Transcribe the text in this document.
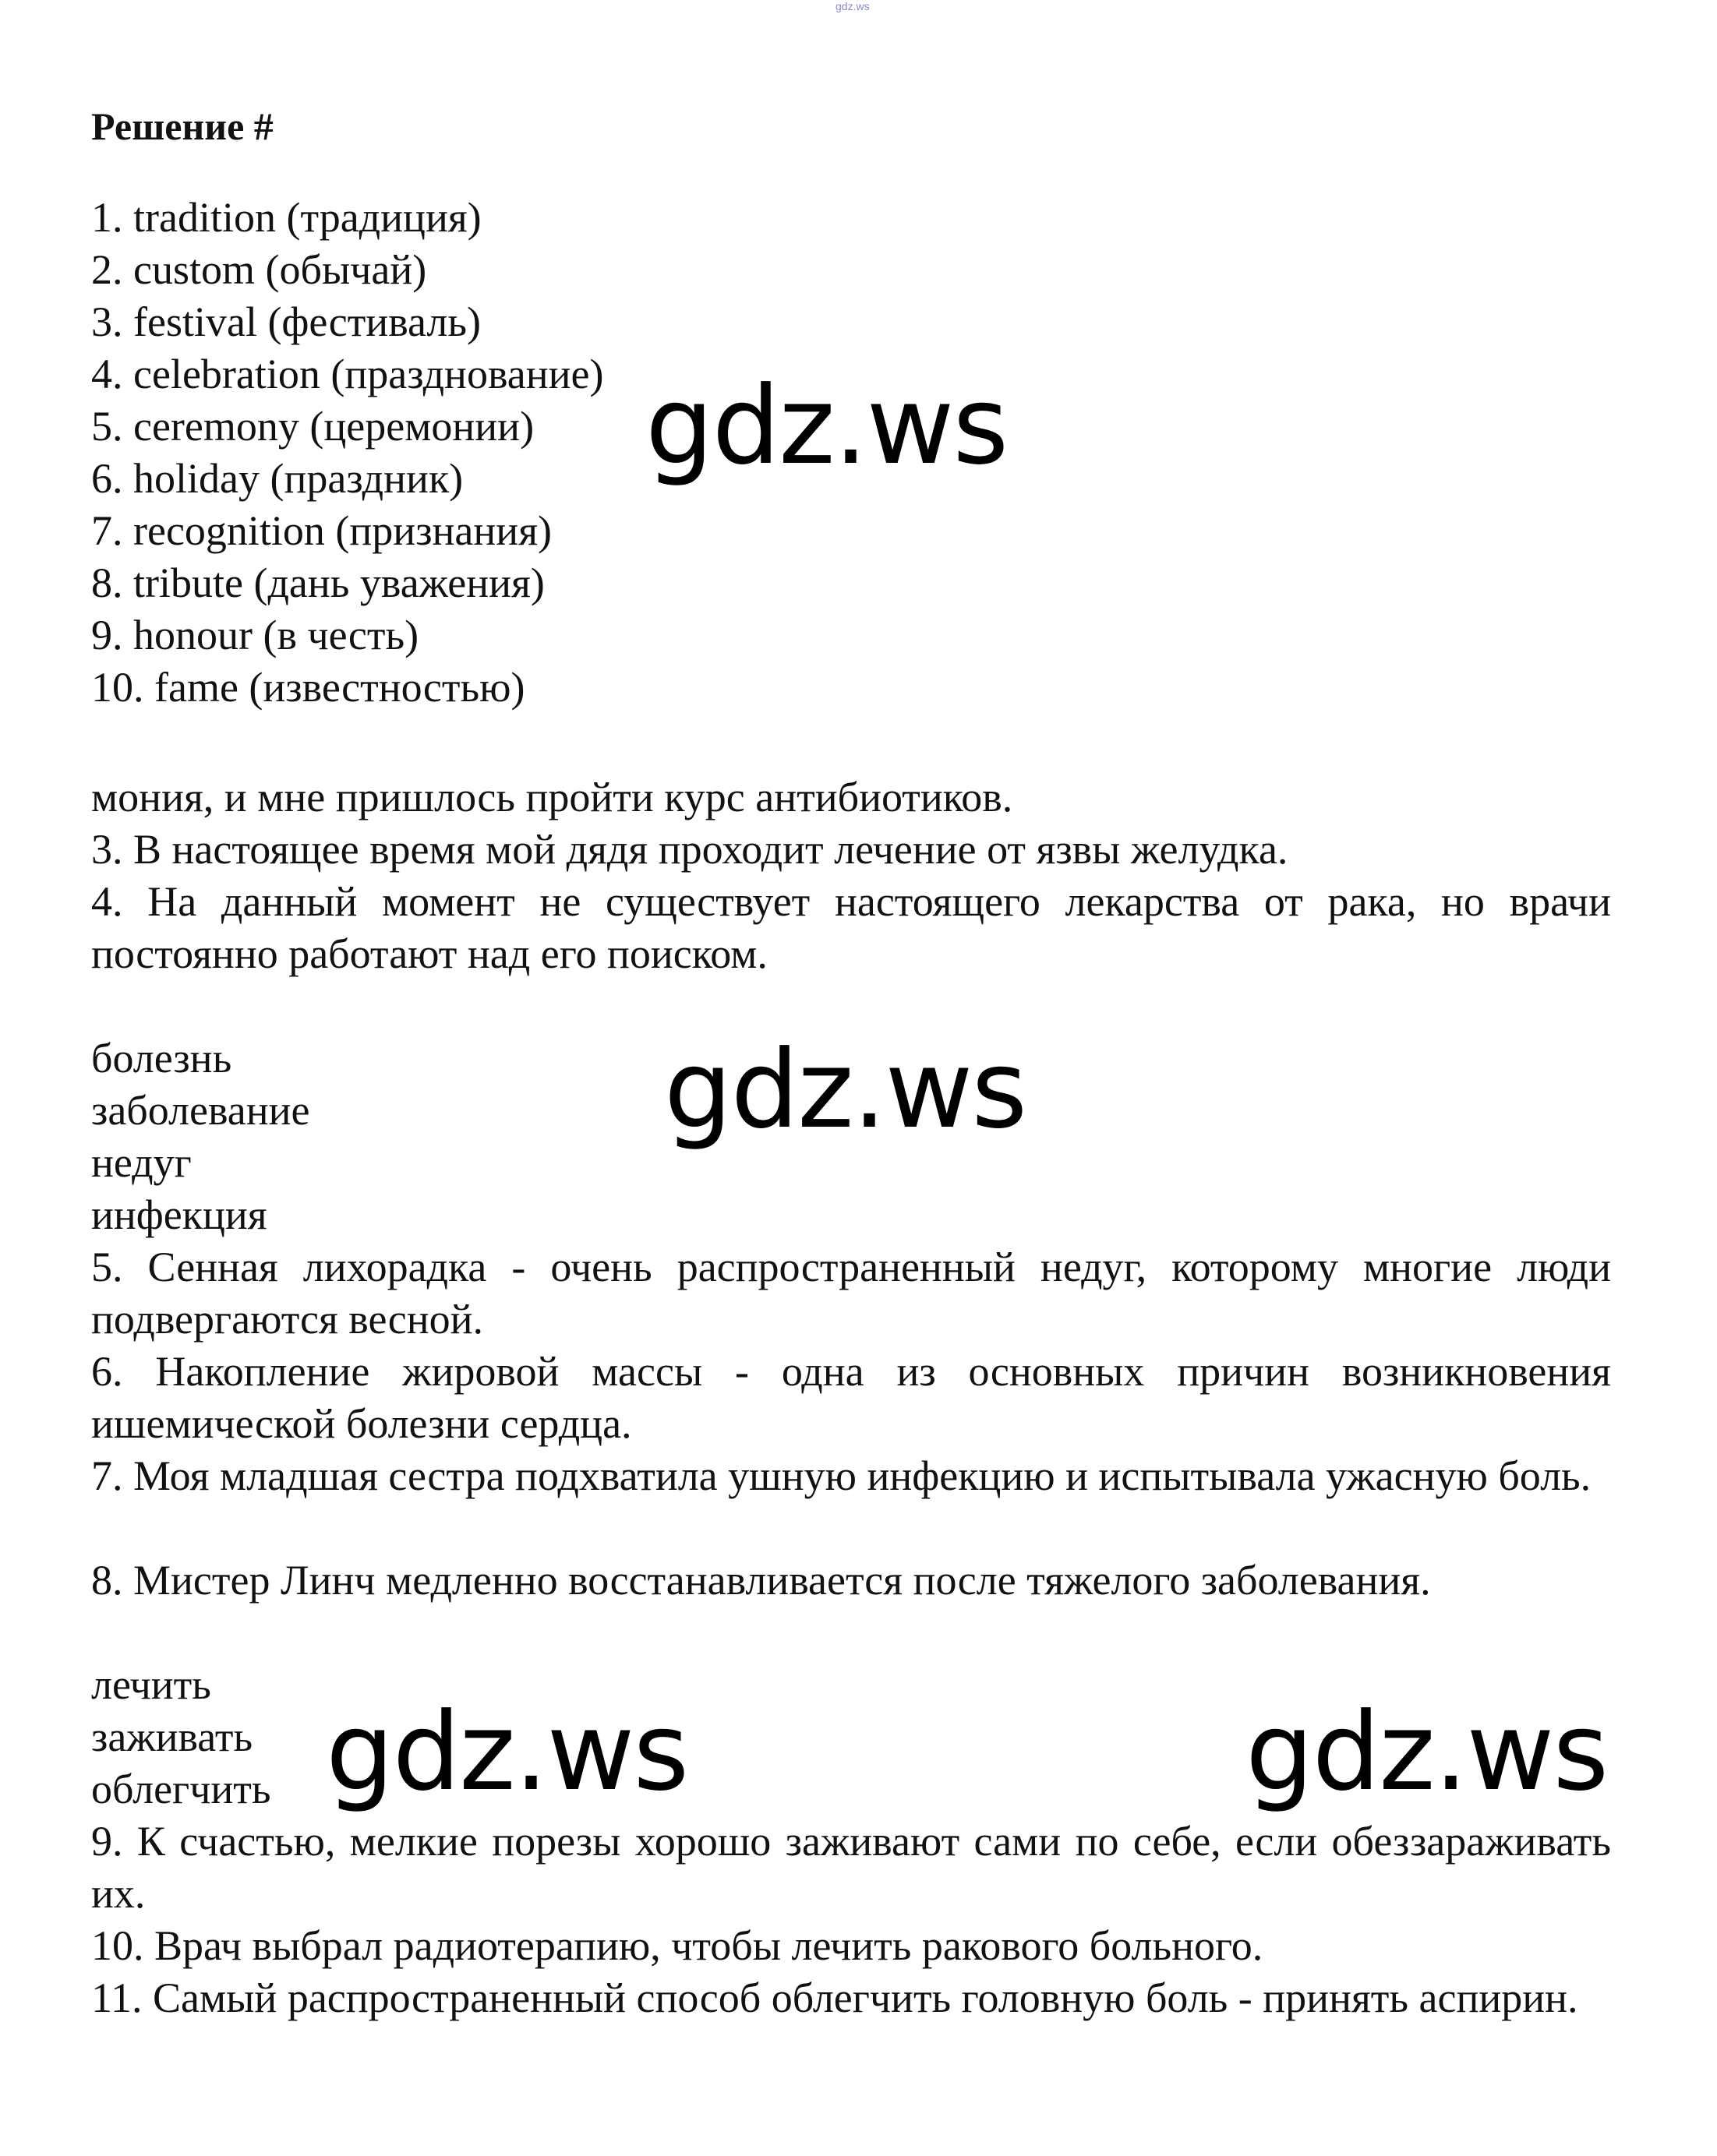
gdz.ws
Решение #
1. tradition (традиция)
2. custom (обычай)
3. festival (фестиваль)
4. celebration (празднование)
5. ceremony (церемонии)
6. holiday (праздник)
7. recognition (признания)
8. tribute (дань уважения)
9. honour (в честь)
10. fame (известностью)
мония, и мне пришлось пройти курс антибиотиков.
3. В настоящее время мой дядя проходит лечение от язвы желудка.
4. На данный момент не существует настоящего лекарства от рака, но врачи постоянно работают над его поиском.
болезнь
заболевание
недуг
инфекция
5. Сенная лихорадка - очень распространенный недуг, которому многие люди подвергаются весной.
6. Накопление жировой массы - одна из основных причин возникновения ишемической болезни сердца.
7. Моя младшая сестра подхватила ушную инфекцию и испытывала ужасную боль.
8. Мистер Линч медленно восстанавливается после тяжелого заболевания.
лечить
заживать
облегчить
9. К счастью, мелкие порезы хорошо заживают сами по себе, если обеззараживать их.
10. Врач выбрал радиотерапию, чтобы лечить ракового больного.
11. Самый распространенный способ облегчить головную боль - принять аспирин.
gdz.ws
gdz.ws
gdz.ws	gdz.ws
